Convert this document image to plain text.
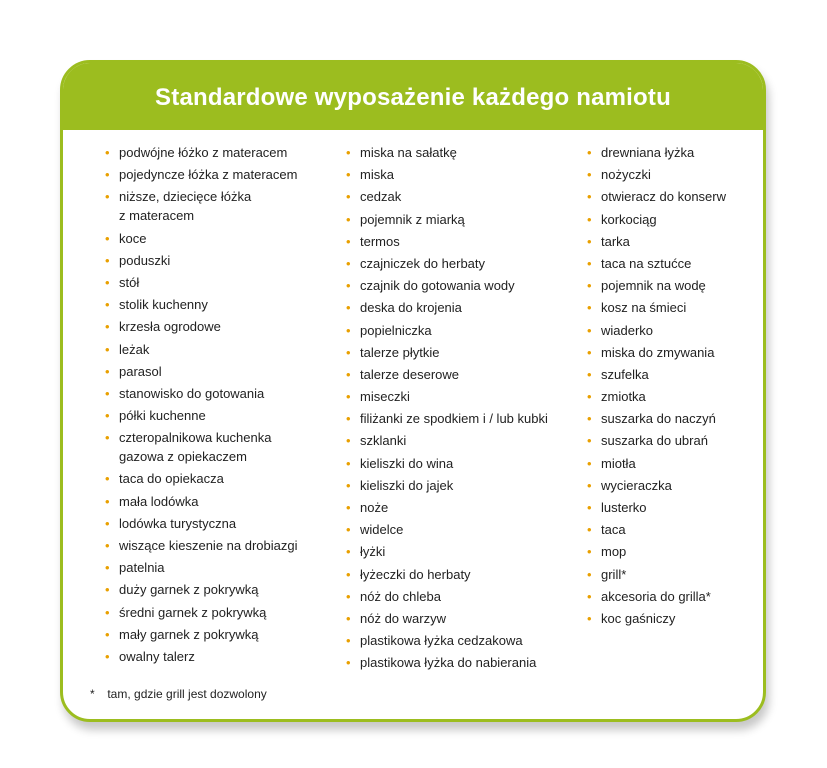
Standardowe wyposażenie każdego namiotu
• podwójne łóżko z materacem
• pojedyncze łóżka z materacem
• niższe, dziecięce łóżka
z materacem
• koce
• poduszki
• stół
• stolik kuchenny
• krzesła ogrodowe
• leżak
• parasol
• stanowisko do gotowania
• półki kuchenne
• czteropalnikowa kuchenka
gazowa z opiekaczem
• taca do opiekacza
• mała lodówka
• lodówka turystyczna
• wiszące kieszenie na drobiazgi
• patelnia
• duży garnek z pokrywką
• średni garnek z pokrywką
• mały garnek z pokrywką
• owalny talerz
• miska na sałatkę
• miska
• cedzak
• pojemnik z miarką
• termos
• czajniczek do herbaty
• czajnik do gotowania wody
• deska do krojenia
• popielniczka
• talerze płytkie
• talerze deserowe
• miseczki
• filiżanki ze spodkiem i / lub kubki
• szklanki
• kieliszki do wina
• kieliszki do jajek
• noże
• widelce
• łyżki
• łyżeczki do herbaty
• nóż do chleba
• nóż do warzyw
• plastikowa łyżka cedzakowa
• plastikowa łyżka do nabierania
• drewniana łyżka
• nożyczki
• otwieracz do konserw
• korkociąg
• tarka
• taca na sztućce
• pojemnik na wodę
• kosz na śmieci
• wiaderko
• miska do zmywania
• szufelka
• zmiotka
• suszarka do naczyń
• suszarka do ubrań
• miotła
• wycieraczka
• lusterko
• taca
• mop
• grill*
• akcesoria do grilla*
• koc gaśniczy
* tam, gdzie grill jest dozwolony
